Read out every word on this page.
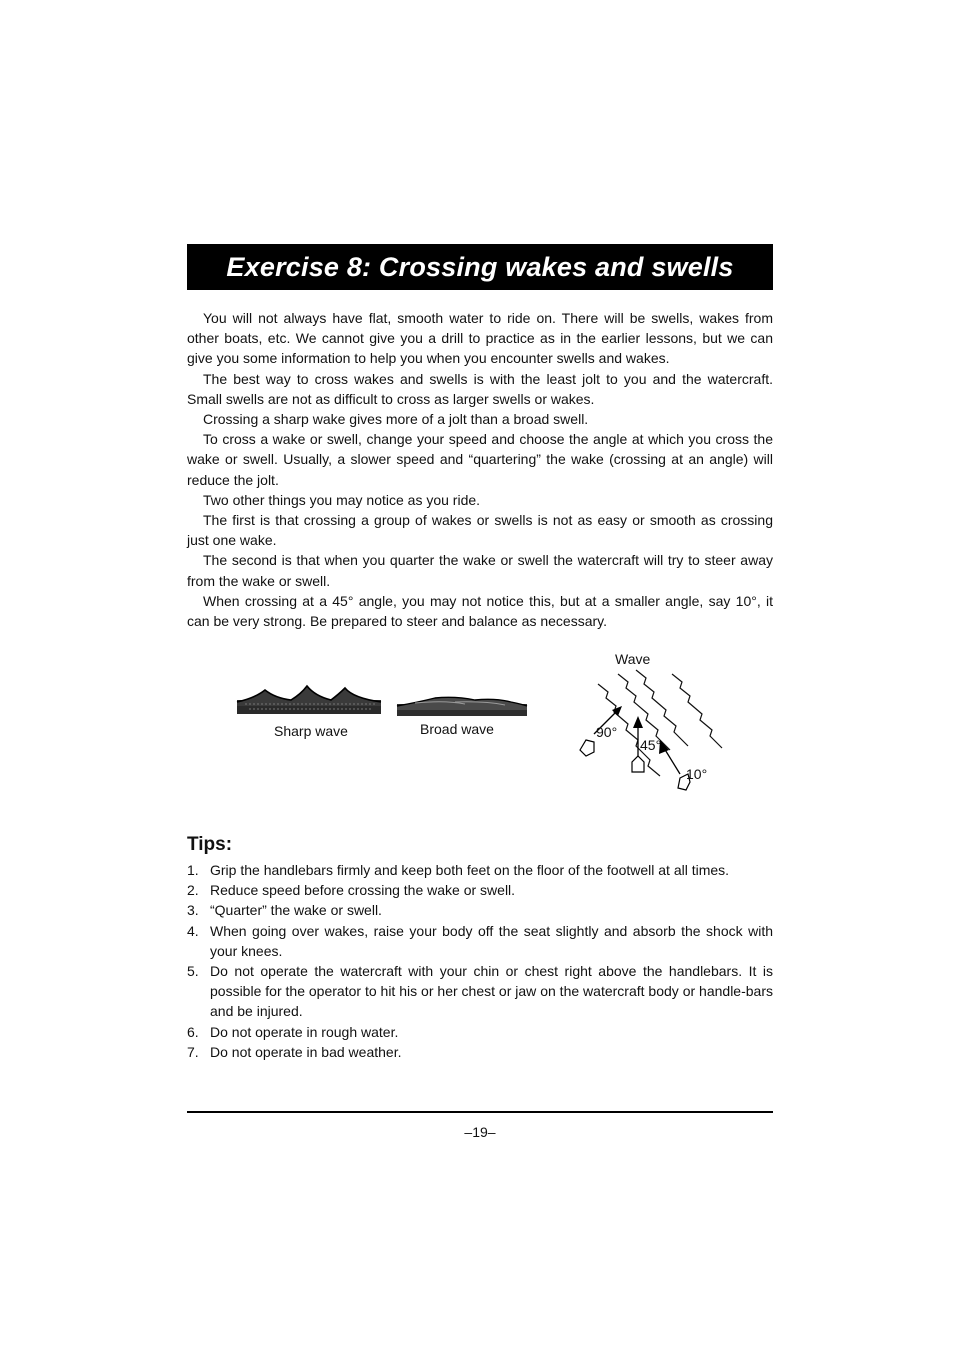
Exercise 8: Crossing wakes and swells

You will not always have flat, smooth water to ride on. There will be swells, wakes from other boats, etc. We cannot give you a drill to practice as in the earlier lessons, but we can give you some information to help you when you encounter swells and wakes.

The best way to cross wakes and swells is with the least jolt to you and the watercraft. Small swells are not as difficult to cross as larger swells or wakes.

Crossing a sharp wake gives more of a jolt than a broad swell.

To cross a wake or swell, change your speed and choose the angle at which you cross the wake or swell. Usually, a slower speed and “quartering” the wake (crossing at an angle) will reduce the jolt.

Two other things you may notice as you ride.

The first is that crossing a group of wakes or swells is not as easy or smooth as crossing just one wake.

The second is that when you quarter the wake or swell the watercraft will try to steer away from the wake or swell.

When crossing at a 45° angle, you may not notice this, but at a smaller angle, say 10°, it can be very strong. Be prepared to steer and balance as necessary.

Sharp wave	Broad wave
Wave
90°
45°
10°
Tips:
1. Grip the handlebars firmly and keep both feet on the floor of the footwell at all times.
2. Reduce speed before crossing the wake or swell.
3. “Quarter” the wake or swell.
4. When going over wakes, raise your body off the seat slightly and absorb the shock with your knees.
5. Do not operate the watercraft with your chin or chest right above the handlebars. It is possible for the operator to hit his or her chest or jaw on the watercraft body or handle-bars and be injured.
6. Do not operate in rough water.
7. Do not operate in bad weather.
–19–
